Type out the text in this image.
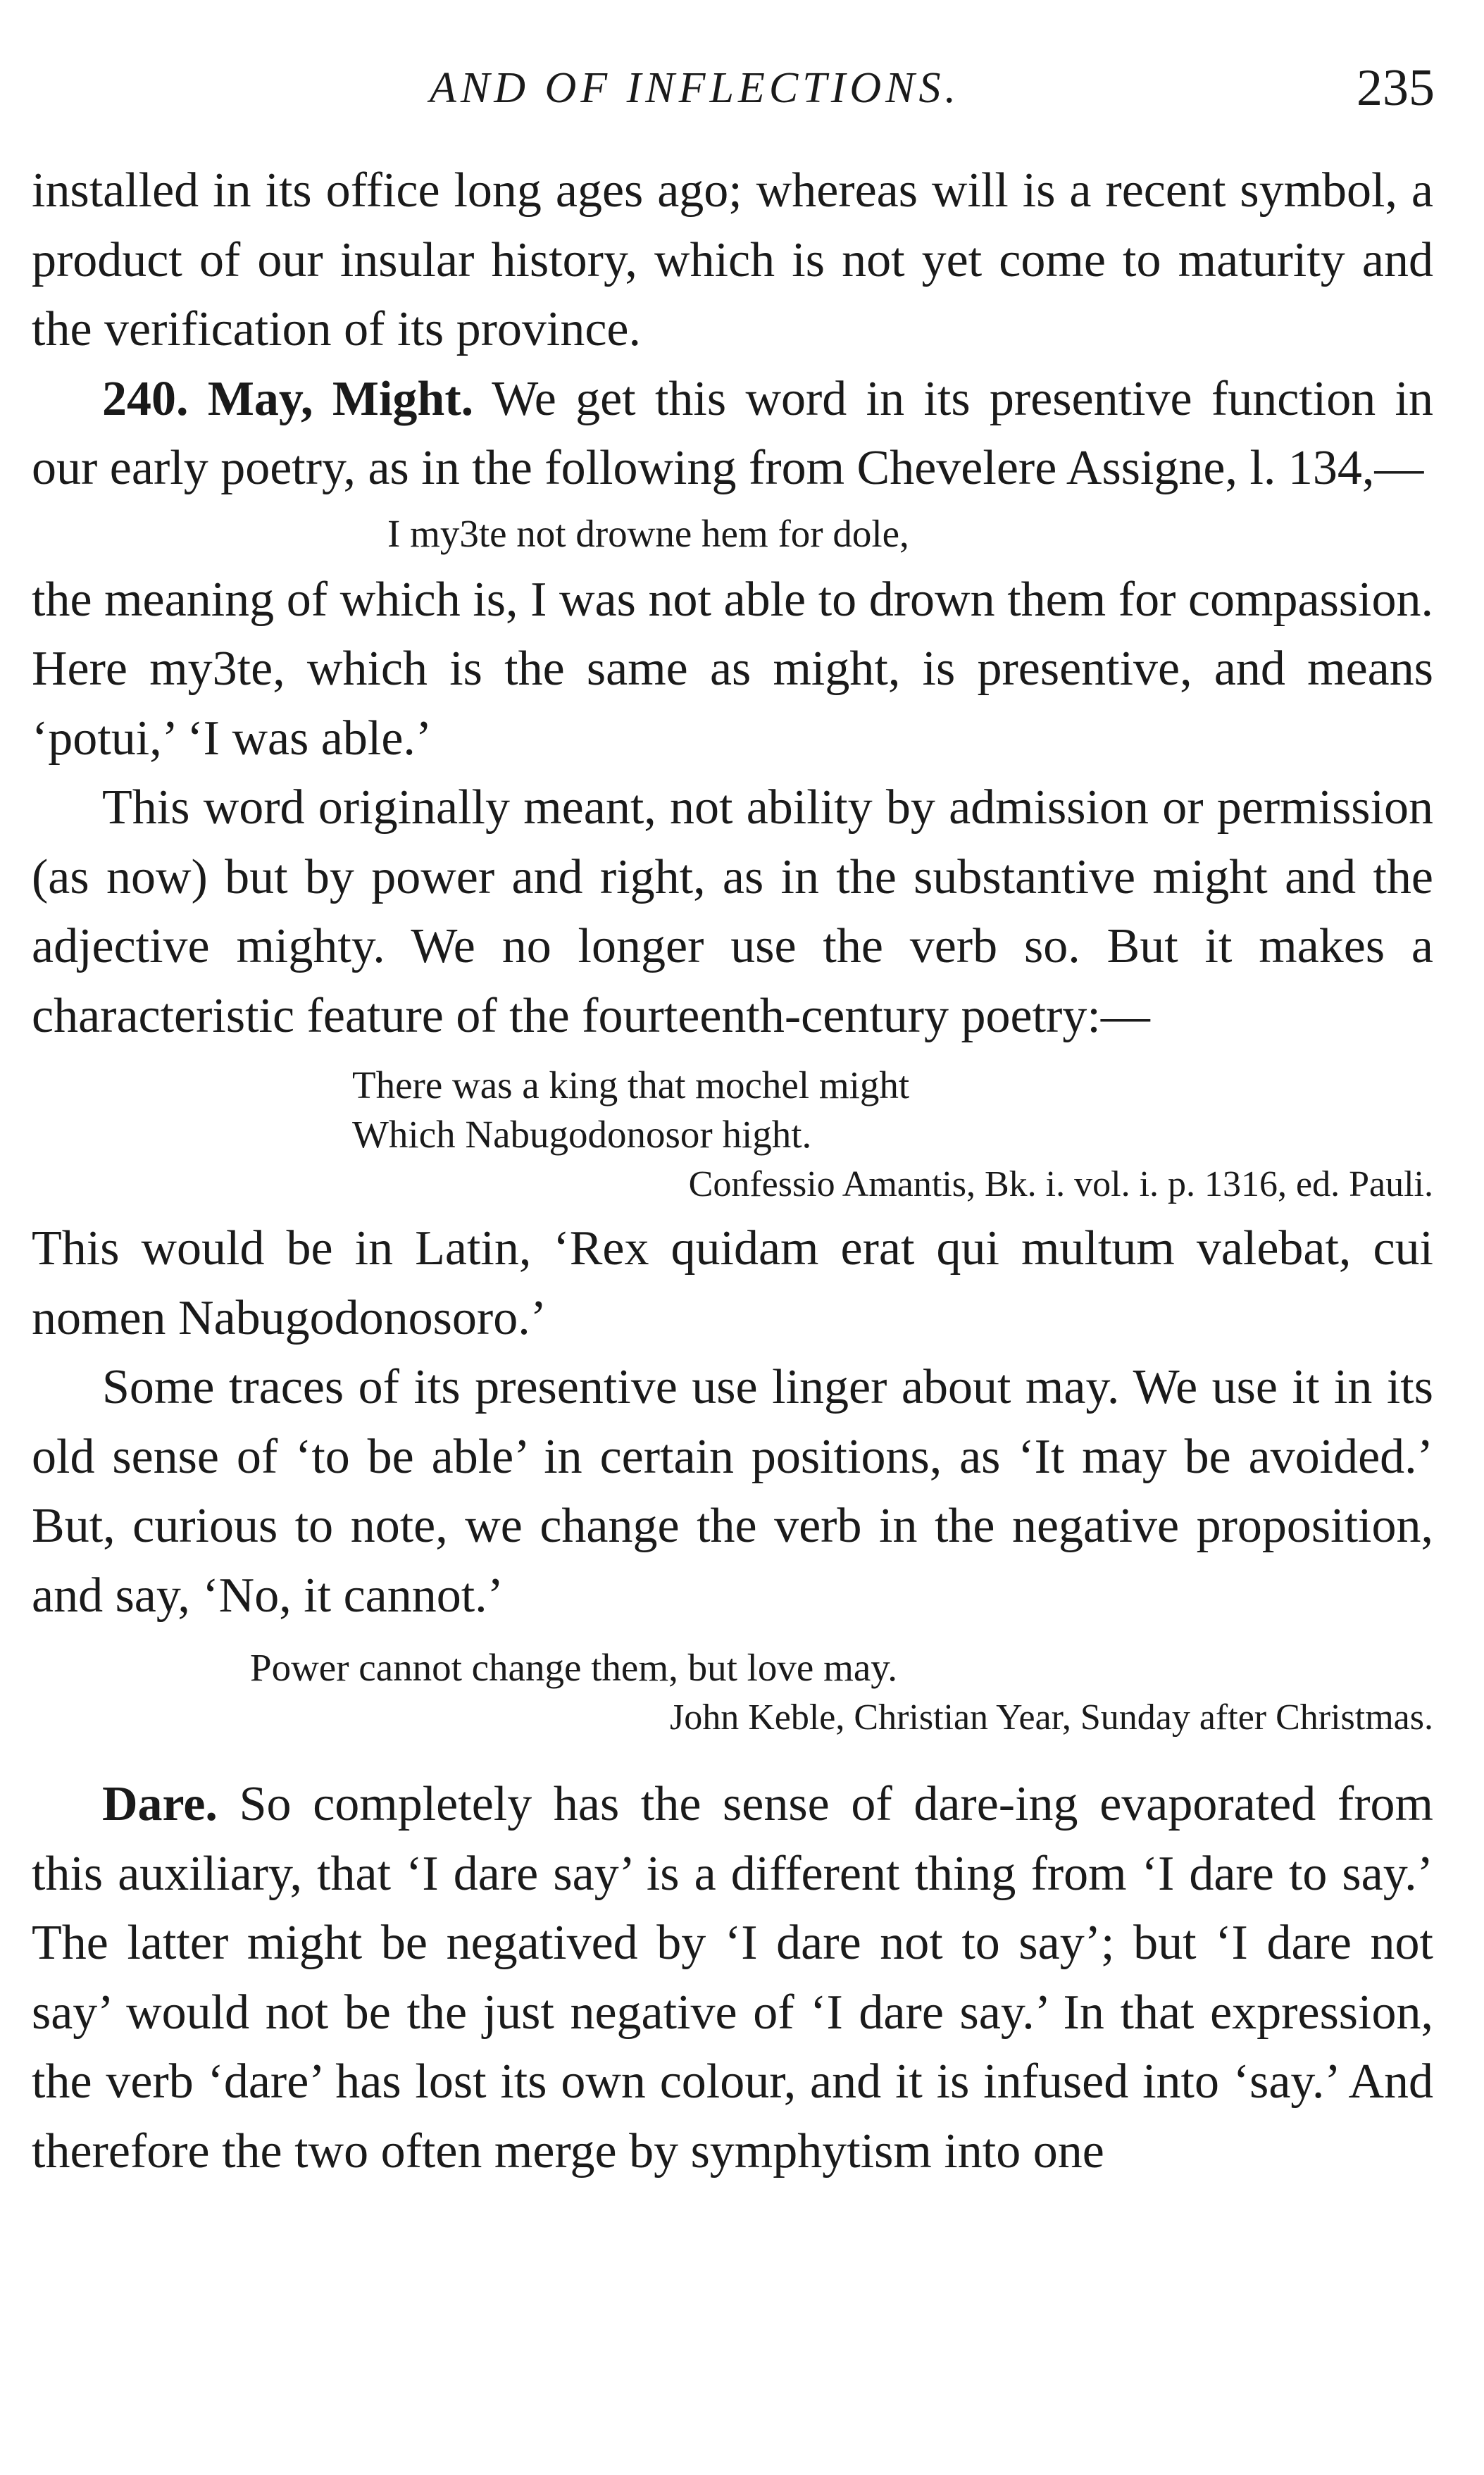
AND OF INFLECTIONS.	235

installed in its office long ages ago; whereas will is a recent symbol, a product of our insular history, which is not yet come to maturity and the verification of its province.

240. May, Might. We get this word in its presentive function in our early poetry, as in the following from Chevelere Assigne, l. 134,—

I my3te not drowne hem for dole,

the meaning of which is, I was not able to drown them for compassion. Here my3te, which is the same as might, is presentive, and means ‘potui,’ ‘I was able.’

This word originally meant, not ability by admission or permission (as now) but by power and right, as in the substantive might and the adjective mighty. We no longer use the verb so. But it makes a characteristic feature of the fourteenth-century poetry:—

There was a king that mochel might
Which Nabugodonosor hight.
Confessio Amantis, Bk. i. vol. i. p. 1316, ed. Pauli.

This would be in Latin, ‘Rex quidam erat qui multum valebat, cui nomen Nabugodonosoro.’

Some traces of its presentive use linger about may. We use it in its old sense of ‘to be able’ in certain positions, as ‘It may be avoided.’ But, curious to note, we change the verb in the negative proposition, and say, ‘No, it cannot.’

Power cannot change them, but love may.
John Keble, Christian Year, Sunday after Christmas.

Dare. So completely has the sense of dare-ing evaporated from this auxiliary, that ‘I dare say’ is a different thing from ‘I dare to say.’ The latter might be negatived by ‘I dare not to say’; but ‘I dare not say’ would not be the just negative of ‘I dare say.’ In that expression, the verb ‘dare’ has lost its own colour, and it is infused into ‘say.’ And therefore the two often merge by symphytism into one
